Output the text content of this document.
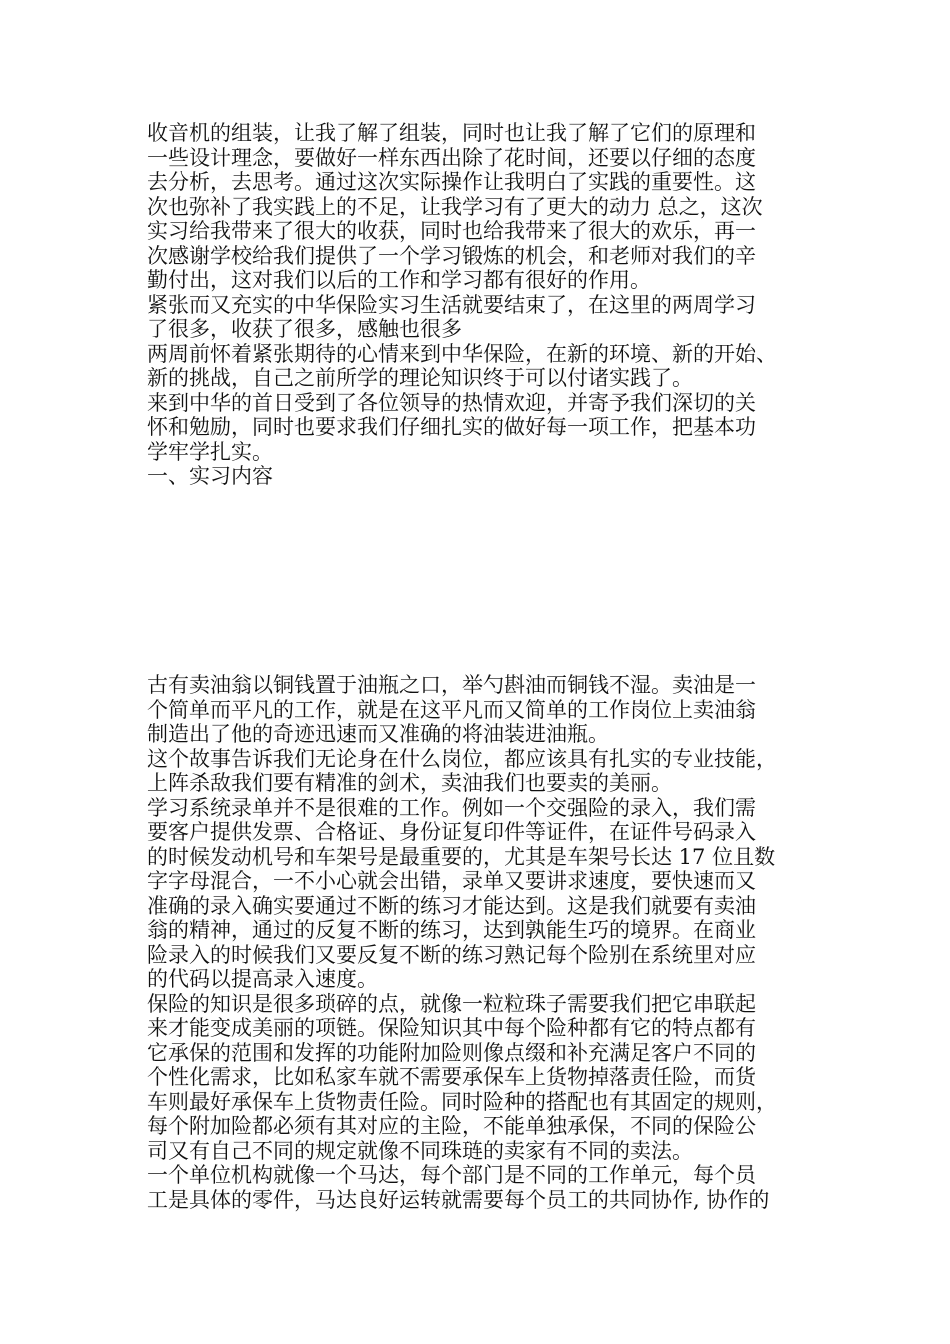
收音机的组装，让我了解了组装，同时也让我了解了它们的原理和
一些设计理念，要做好一样东西出除了花时间，还要以仔细的态度
去分析，去思考。通过这次实际操作让我明白了实践的重要性。这
次也弥补了我实践上的不足，让我学习有了更大的动力 总之，这次
实习给我带来了很大的收获，同时也给我带来了很大的欢乐，再一
次感谢学校给我们提供了一个学习锻炼的机会，和老师对我们的辛
勤付出，这对我们以后的工作和学习都有很好的作用。
紧张而又充实的中华保险实习生活就要结束了，在这里的两周学习
了很多，收获了很多，感触也很多
两周前怀着紧张期待的心情来到中华保险，在新的环境、新的开始、
新的挑战，自己之前所学的理论知识终于可以付诸实践了。
来到中华的首日受到了各位领导的热情欢迎，并寄予我们深切的关
怀和勉励，同时也要求我们仔细扎实的做好每一项工作，把基本功
学牢学扎实。
一、实习内容
古有卖油翁以铜钱置于油瓶之口，举勺斟油而铜钱不湿。卖油是一
个简单而平凡的工作，就是在这平凡而又简单的工作岗位上卖油翁
制造出了他的奇迹迅速而又准确的将油装进油瓶。
这个故事告诉我们无论身在什么岗位，都应该具有扎实的专业技能，
上阵杀敌我们要有精准的剑术，卖油我们也要卖的美丽。
学习系统录单并不是很难的工作。例如一个交强险的录入，我们需
要客户提供发票、合格证、身份证复印件等证件，在证件号码录入
的时候发动机号和车架号是最重要的，尤其是车架号长达 17 位且数
字字母混合，一不小心就会出错，录单又要讲求速度，要快速而又
准确的录入确实要通过不断的练习才能达到。这是我们就要有卖油
翁的精神，通过的反复不断的练习，达到孰能生巧的境界。在商业
险录入的时候我们又要反复不断的练习熟记每个险别在系统里对应
的代码以提高录入速度。
保险的知识是很多琐碎的点，就像一粒粒珠子需要我们把它串联起
来才能变成美丽的项链。保险知识其中每个险种都有它的特点都有
它承保的范围和发挥的功能附加险则像点缀和补充满足客户不同的
个性化需求，比如私家车就不需要承保车上货物掉落责任险，而货
车则最好承保车上货物责任险。同时险种的搭配也有其固定的规则，
每个附加险都必须有其对应的主险，不能单独承保，不同的保险公
司又有自己不同的规定就像不同珠琏的卖家有不同的卖法。
一个单位机构就像一个马达，每个部门是不同的工作单元，每个员
工是具体的零件，马达良好运转就需要每个员工的共同协作, 协作的
